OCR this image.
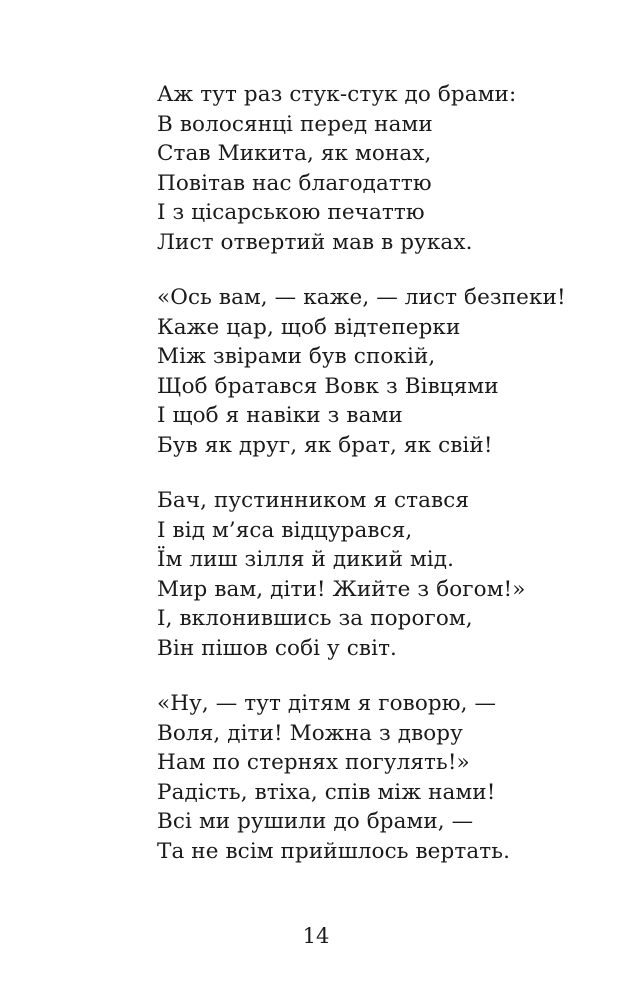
Аж тут раз стук-стук до брами:
В волосянці перед нами
Став Микита, як монах,
Повітав нас благодаттю
І з цісарською печаттю
Лист отвертий мав в руках.
«Ось вам, — каже, — лист безпеки!
Каже цар, щоб відтеперки
Між звірами був спокій,
Щоб братався Вовк з Вівцями
І щоб я навіки з вами
Був як друг, як брат, як свій!
Бач, пустинником я стався
І від м’яса відцурався,
Їм лиш зілля й дикий мід.
Мир вам, діти! Жийте з богом!»
І, вклонившись за порогом,
Він пішов собі у світ.
«Ну, — тут дітям я говорю, —
Воля, діти! Можна з двору
Нам по стернях погулять!»
Радість, втіха, спів між нами!
Всі ми рушили до брами, —
Та не всім прийшлось вертать.
14
